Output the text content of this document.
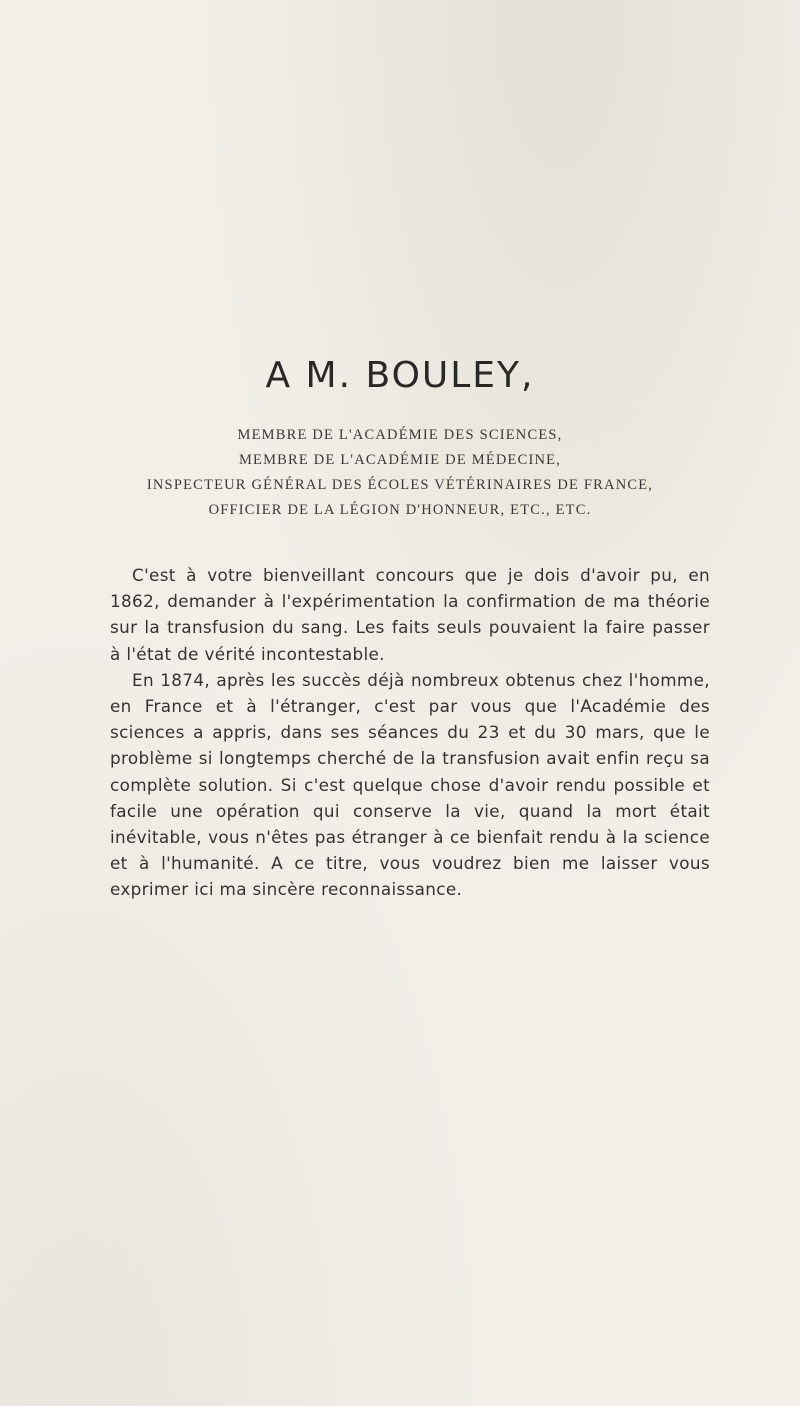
A M. BOULEY,
MEMBRE DE L'ACADÉMIE DES SCIENCES,
MEMBRE DE L'ACADÉMIE DE MÉDECINE,
INSPECTEUR GÉNÉRAL DES ÉCOLES VÉTÉRINAIRES DE FRANCE,
OFFICIER DE LA LÉGION D'HONNEUR, ETC., ETC.

C'est à votre bienveillant concours que je dois d'avoir pu, en 1862, demander à l'expérimentation la confirmation de ma théorie sur la transfusion du sang. Les faits seuls pouvaient la faire passer à l'état de vérité incontestable.

En 1874, après les succès déjà nombreux obtenus chez l'homme, en France et à l'étranger, c'est par vous que l'Académie des sciences a appris, dans ses séances du 23 et du 30 mars, que le problème si longtemps cherché de la transfusion avait enfin reçu sa complète solution. Si c'est quelque chose d'avoir rendu possible et facile une opération qui conserve la vie, quand la mort était inévitable, vous n'êtes pas étranger à ce bienfait rendu à la science et à l'humanité. A ce titre, vous voudrez bien me laisser vous exprimer ici ma sincère reconnaissance.
